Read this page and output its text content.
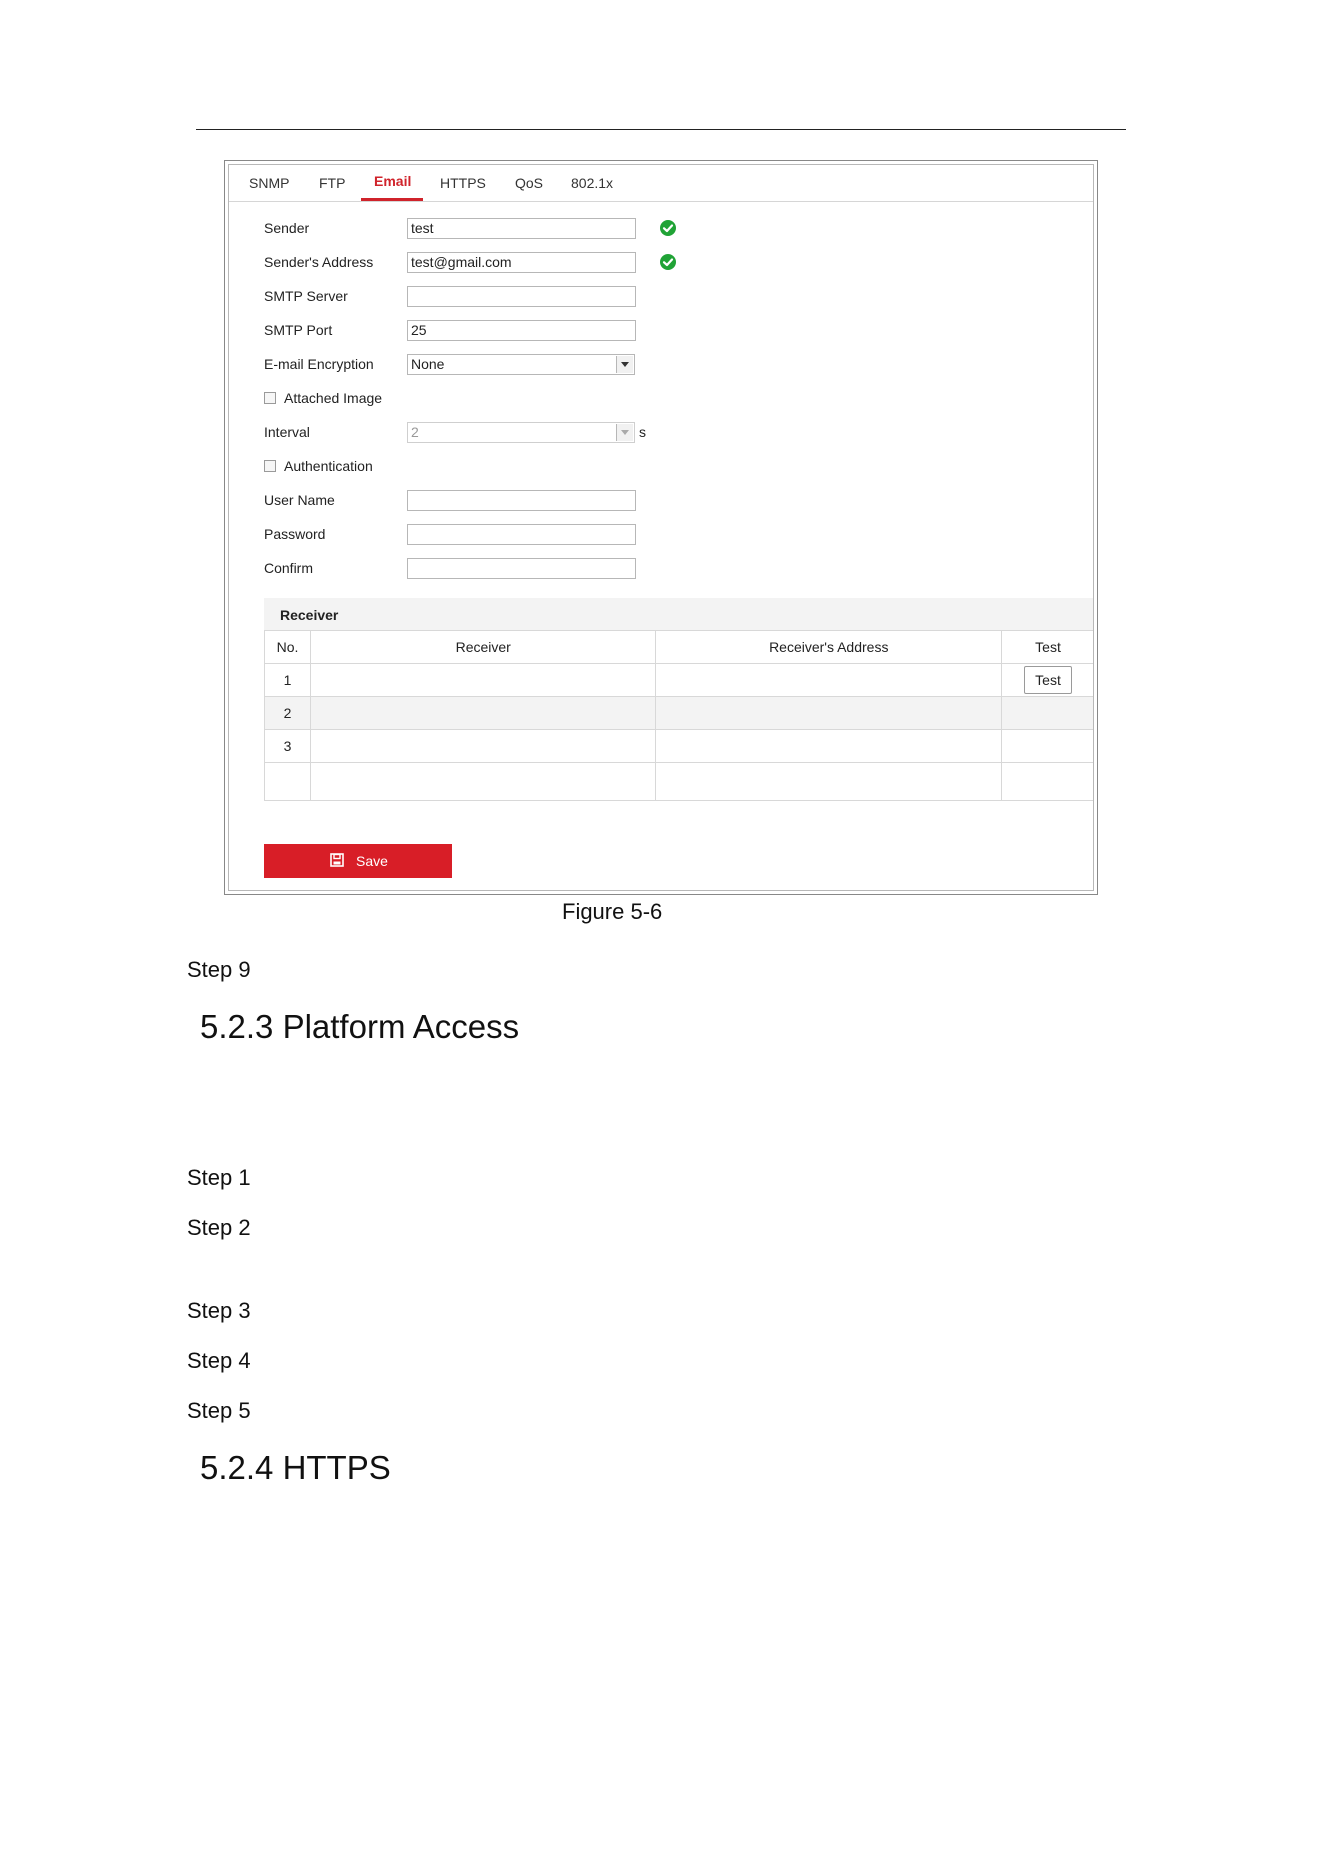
SNMP FTP Email HTTPS QoS 802.1x
Sender	test
Sender's Address	test@gmail.com
SMTP Server
SMTP Port	25
E-mail Encryption	None
Attached Image
Interval	2	s
Authentication
User Name
Password
Confirm
Receiver
No.	Receiver	Receiver's Address	Test
1			Test
2			
3			

Save
Figure 5-6
Step 9
5.2.3 Platform Access
Step 1
Step 2
Step 3
Step 4
Step 5
5.2.4 HTTPS
